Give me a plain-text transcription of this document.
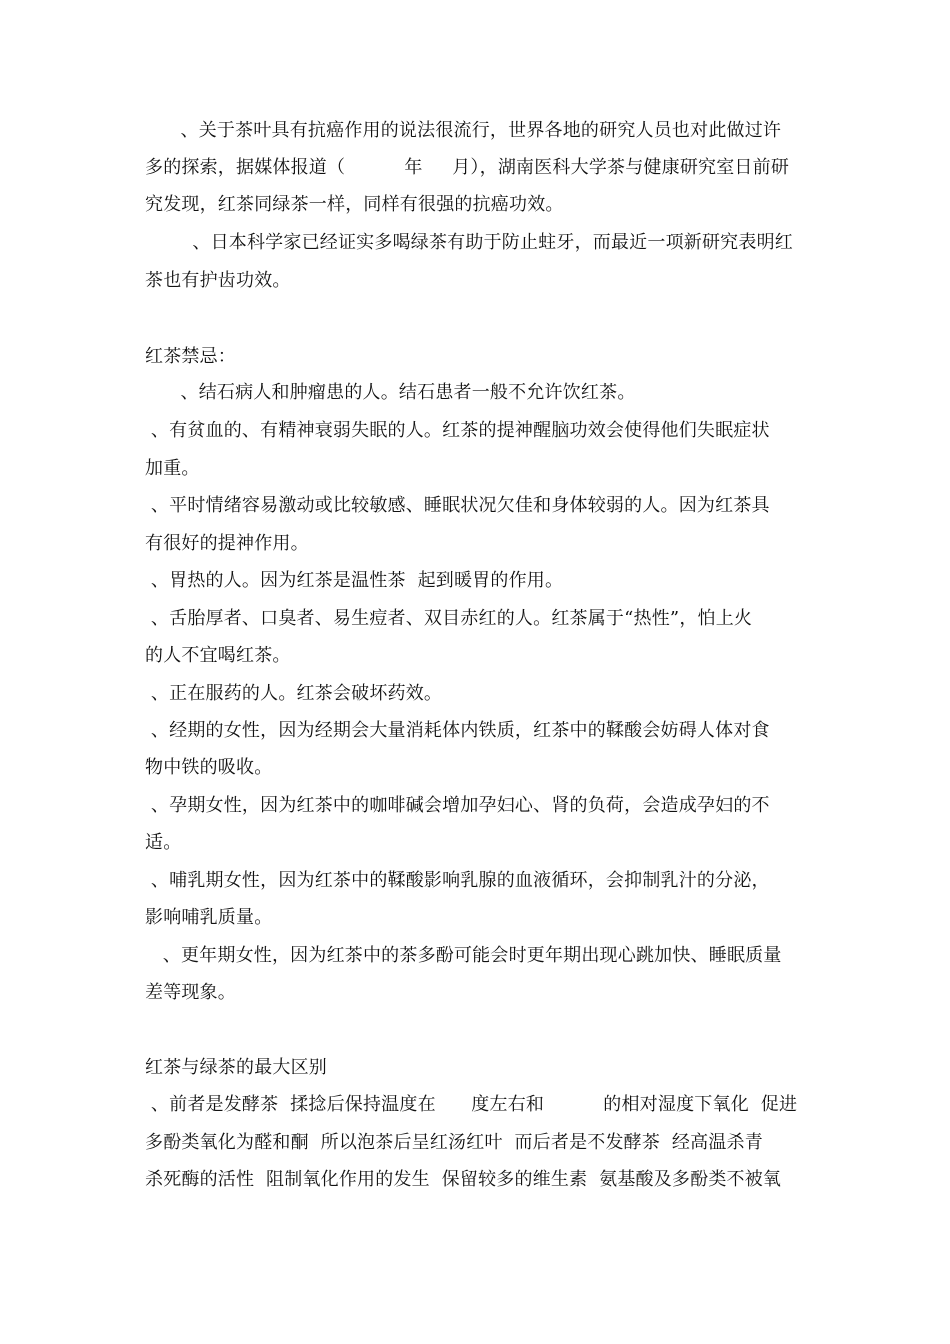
、关于茶叶具有抗癌作用的说法很流行，世界各地的研究人员也对此做过许
多的探索，据媒体报道（          年     月），湖南医科大学茶与健康研究室日前研
究发现，红茶同绿茶一样，同样有很强的抗癌功效。
、日本科学家已经证实多喝绿茶有助于防止蛀牙，而最近一项新研究表明红
茶也有护齿功效。
红茶禁忌：
、结石病人和肿瘤患的人。结石患者一般不允许饮红茶。
、有贫血的、有精神衰弱失眠的人。红茶的提神醒脑功效会使得他们失眠症状
加重。
、平时情绪容易激动或比较敏感、睡眠状况欠佳和身体较弱的人。因为红茶具
有很好的提神作用。
、胃热的人。因为红茶是温性茶  起到暖胃的作用。
、舌胎厚者、口臭者、易生痘者、双目赤红的人。红茶属于“热性”，怕上火
的人不宜喝红茶。
、正在服药的人。红茶会破坏药效。
、经期的女性，因为经期会大量消耗体内铁质，红茶中的鞣酸会妨碍人体对食
物中铁的吸收。
、孕期女性，因为红茶中的咖啡碱会增加孕妇心、肾的负荷，会造成孕妇的不
适。
、哺乳期女性，因为红茶中的鞣酸影响乳腺的血液循环，会抑制乳汁的分泌，
影响哺乳质量。
、更年期女性，因为红茶中的茶多酚可能会时更年期出现心跳加快、睡眠质量
差等现象。
红茶与绿茶的最大区别
、前者是发酵茶  揉捻后保持温度在      度左右和          的相对湿度下氧化  促进
多酚类氧化为醛和酮  所以泡茶后呈红汤红叶  而后者是不发酵茶  经高温杀青
杀死酶的活性  阻制氧化作用的发生  保留较多的维生素  氨基酸及多酚类不被氧
